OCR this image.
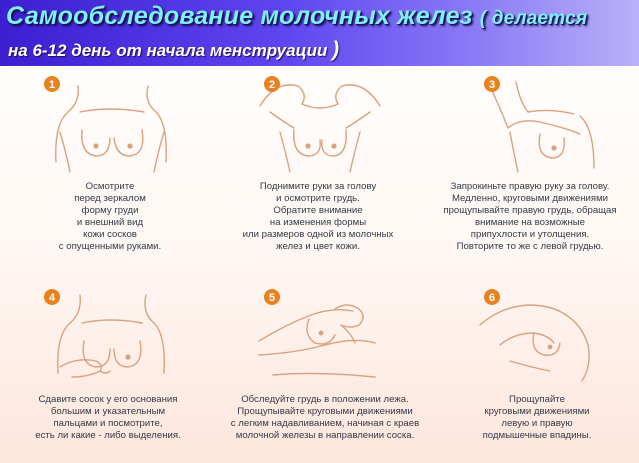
Самообследование молочных желез ( делается
на 6-12 день от начала менструации )
1
Осмотрите
перед зеркалом
форму груди
и внешний вид
кожи сосков
с опущенными руками.
2
Поднимите руки за голову
и осмотрите грудь.
Обратите внимание
на изменения формы
или размеров одной из молочных
желез и цвет кожи.
3
Запрокиньте правую руку за голову.
Медленно, круговыми движениями
прощупывайте правую грудь, обращая
внимание на возможные
припухлости и утолщения.
Повторите то же с левой грудью.
4
Сдавите сосок у его основания
большим и указательным
пальцами и посмотрите,
есть ли какие - либо выделения.
5
Обследуйте грудь в положении лежа.
Прощупывайте круговыми движениями
с легким надавливанием, начиная с краев
молочной железы в направлении соска.
6
Прощупайте
круговыми движениями
левую и правую
подмышечные впадины.
